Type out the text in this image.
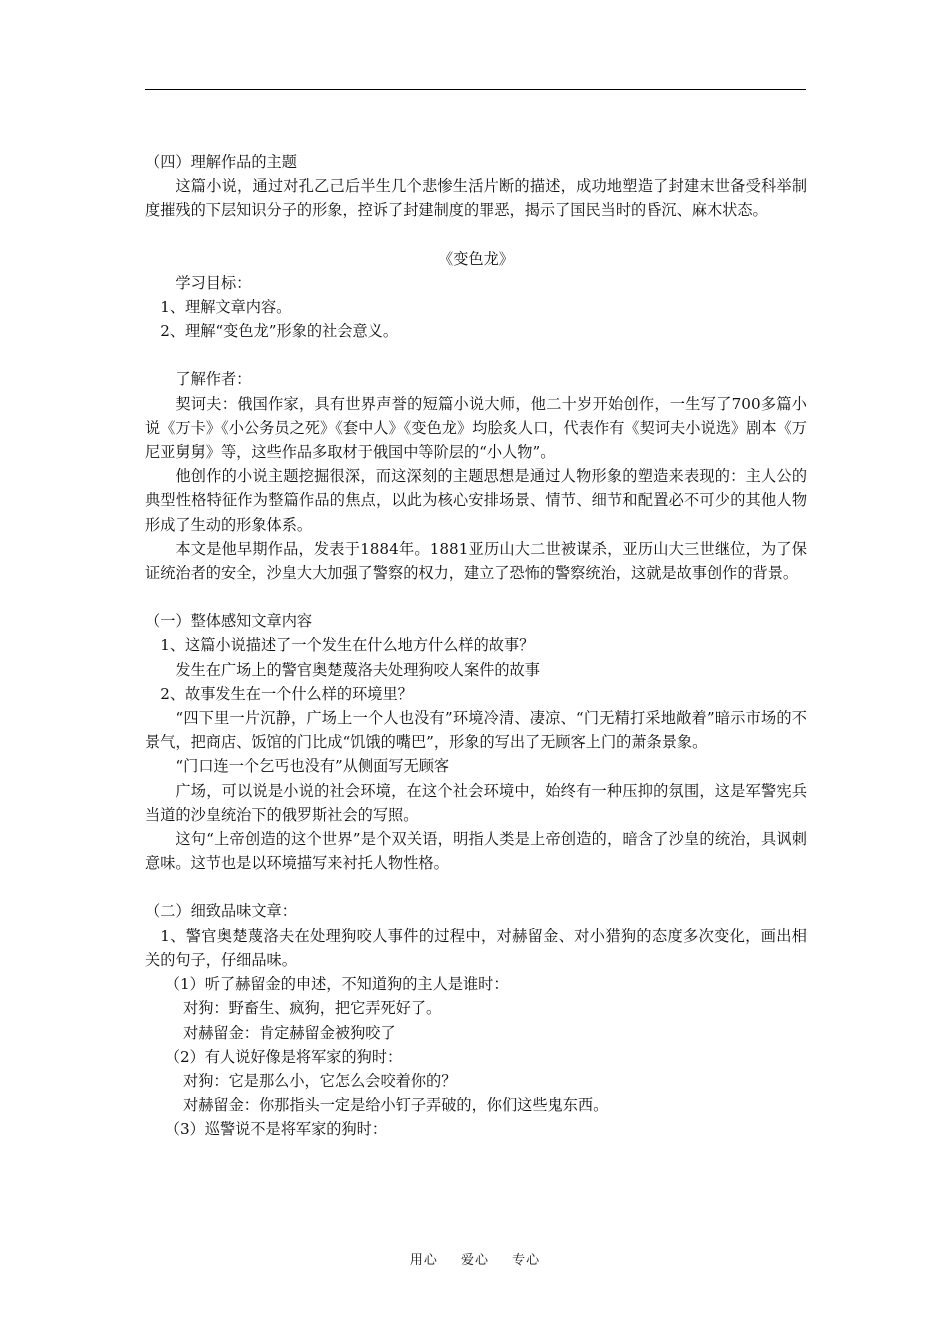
（四）理解作品的主题

这篇小说，通过对孔乙己后半生几个悲惨生活片断的描述，成功地塑造了封建末世备受科举制度摧残的下层知识分子的形象，控诉了封建制度的罪恶，揭示了国民当时的昏沉、麻木状态。

《变色龙》

学习目标：

1、理解文章内容。

2、理解“变色龙”形象的社会意义。

了解作者：

契诃夫：俄国作家，具有世界声誉的短篇小说大师，他二十岁开始创作，一生写了700多篇小说《万卡》《小公务员之死》《套中人》《变色龙》均脍炙人口，代表作有《契诃夫小说选》剧本《万尼亚舅舅》等，这些作品多取材于俄国中等阶层的“小人物”。

他创作的小说主题挖掘很深，而这深刻的主题思想是通过人物形象的塑造来表现的：主人公的典型性格特征作为整篇作品的焦点，以此为核心安排场景、情节、细节和配置必不可少的其他人物形成了生动的形象体系。

本文是他早期作品，发表于1884年。1881亚历山大二世被谋杀，亚历山大三世继位，为了保证统治者的安全，沙皇大大加强了警察的权力，建立了恐怖的警察统治，这就是故事创作的背景。

（一）整体感知文章内容

1、这篇小说描述了一个发生在什么地方什么样的故事？

发生在广场上的警官奥楚蔑洛夫处理狗咬人案件的故事

2、故事发生在一个什么样的环境里？

“四下里一片沉静，广场上一个人也没有”环境冷清、凄凉、“门无精打采地敞着”暗示市场的不景气，把商店、饭馆的门比成“饥饿的嘴巴”，形象的写出了无顾客上门的萧条景象。

“门口连一个乞丐也没有”从侧面写无顾客

广场，可以说是小说的社会环境，在这个社会环境中，始终有一种压抑的氛围，这是军警宪兵当道的沙皇统治下的俄罗斯社会的写照。

这句“上帝创造的这个世界”是个双关语，明指人类是上帝创造的，暗含了沙皇的统治，具讽刺意味。这节也是以环境描写来衬托人物性格。

（二）细致品味文章：

1、警官奥楚蔑洛夫在处理狗咬人事件的过程中，对赫留金、对小猎狗的态度多次变化，画出相关的句子，仔细品味。

（1）听了赫留金的申述，不知道狗的主人是谁时：

对狗：野畜生、疯狗，把它弄死好了。

对赫留金：肯定赫留金被狗咬了

（2）有人说好像是将军家的狗时：

对狗：它是那么小，它怎么会咬着你的？

对赫留金：你那指头一定是给小钉子弄破的，你们这些鬼东西。

（3）巡警说不是将军家的狗时：

用心 爱心 专心
